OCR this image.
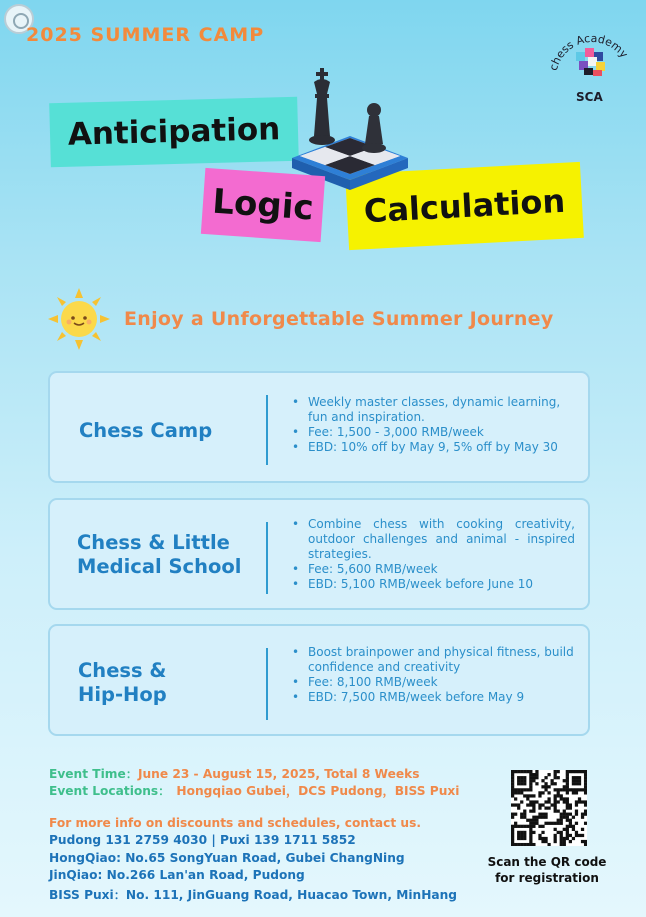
2025 SUMMER CAMP
chess Academy
SCA
Anticipation
Calculation
Logic
Enjoy a Unforgettable Summer Journey
Chess Camp
• Weekly master classes, dynamic learning, fun and inspiration.
• Fee: 1,500 - 3,000 RMB/week
• EBD: 10% off by May 9, 5% off by May 30
Chess & Little
Medical School
• Combine chess with cooking creativity, outdoor challenges and animal - inspired strategies.
• Fee: 5,600 RMB/week
• EBD: 5,100 RMB/week before June 10
Chess &
Hip-Hop
• Boost brainpower and physical fitness, build confidence and creativity
• Fee: 8,100 RMB/week
• EBD: 7,500 RMB/week before May 9
Event Time：June 23 - August 15, 2025, Total 8 Weeks
Event Locations： Hongqiao Gubei，DCS Pudong，BISS Puxi
For more info on discounts and schedules, contact us.
Pudong 131 2759 4030 | Puxi 139 1711 5852
HongQiao: No.65 SongYuan Road, Gubei ChangNing
JinQiao: No.266 Lan'an Road, Pudong
BISS Puxi：No. 111, JinGuang Road, Huacao Town, MinHang
Scan the QR code
for registration
